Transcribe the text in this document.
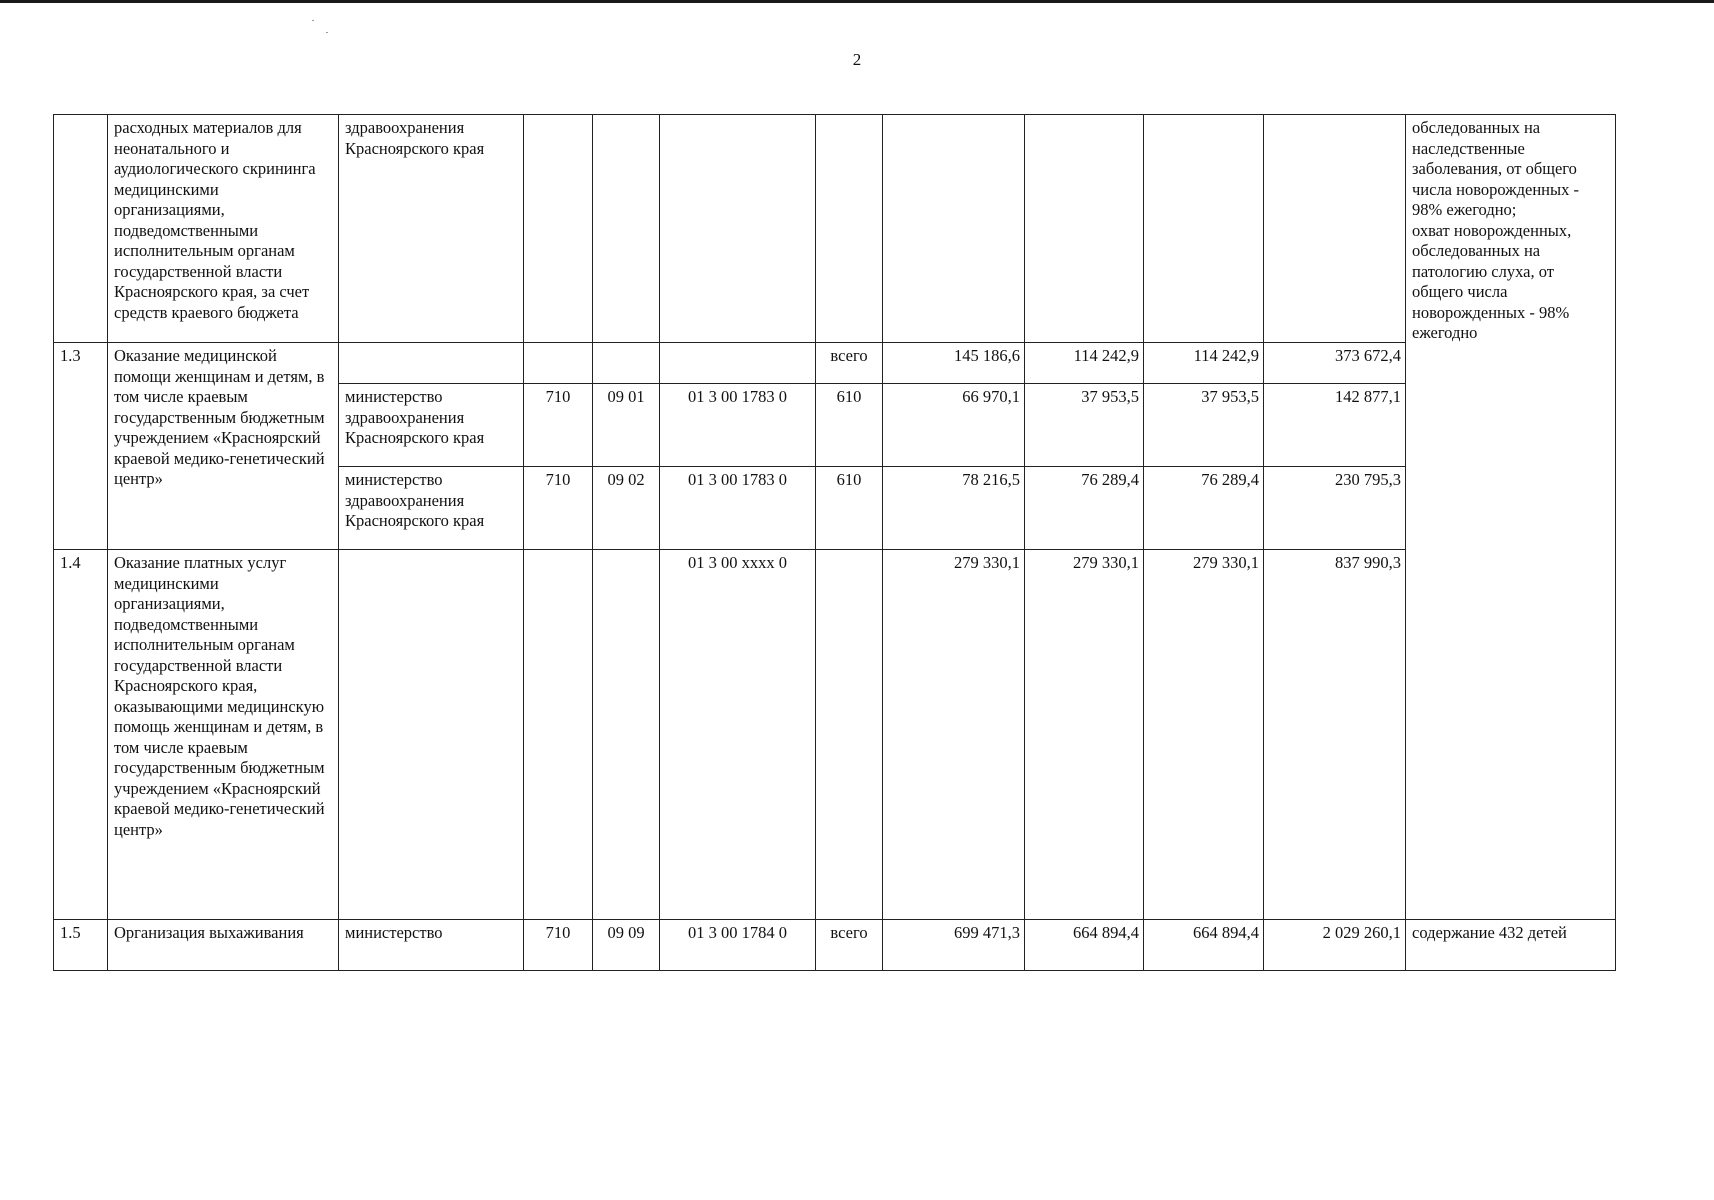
2
	расходных материалов для неонатального и аудиологического скрининга медицинскими организациями, подведомственными исполнительным органам государственной власти Красноярского края, за счет средств краевого бюджета	здравоохранения Красноярского края									обследованных на наследственные заболевания, от общего числа новорожденных - 98% ежегодно;
охват новорожденных, обследованных на патологию слуха, от общего числа новорожденных - 98% ежегодно
1.3	Оказание медицинской помощи женщинам и детям, в том числе краевым государственным бюджетным учреждением «Красноярский краевой медико-генетический центр»					всего	145 186,6	114 242,9	114 242,9	373 672,4	
		министерство здравоохранения Красноярского края	710	09 01	01 3 00 1783 0	610	66 970,1	37 953,5	37 953,5	142 877,1	
		министерство здравоохранения Красноярского края	710	09 02	01 3 00 1783 0	610	78 216,5	76 289,4	76 289,4	230 795,3	
1.4	Оказание платных услуг медицинскими организациями, подведомственными исполнительным органам государственной власти Красноярского края, оказывающими медицинскую помощь женщинам и детям, в том числе краевым государственным бюджетным учреждением «Красноярский краевой медико-генетический центр»				01 3 00 xxxx 0		279 330,1	279 330,1	279 330,1	837 990,3	
1.5	Организация выхаживания	министерство	710	09 09	01 3 00 1784 0	всего	699 471,3	664 894,4	664 894,4	2 029 260,1	содержание 432 детей
